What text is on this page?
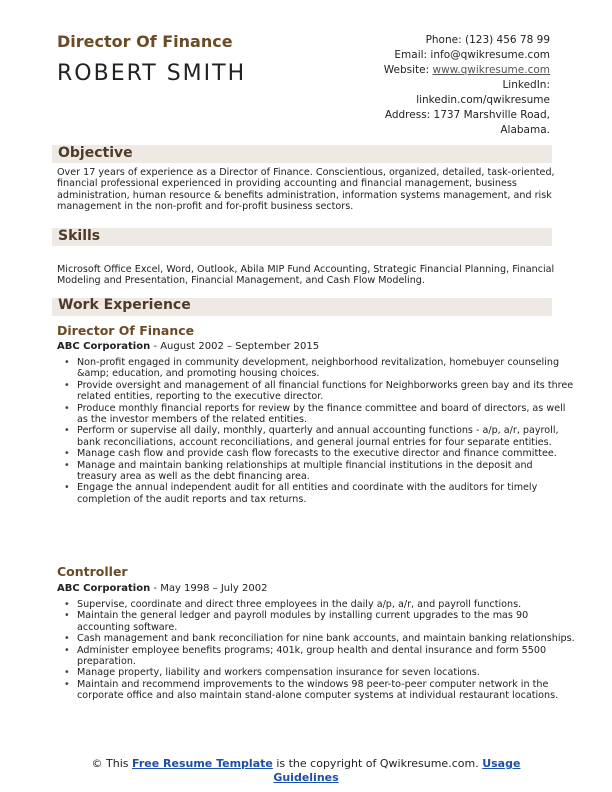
Director Of Finance
ROBERT SMITH
Phone: (123) 456 78 99
Email: info@qwikresume.com
Website: www.qwikresume.com
LinkedIn:
linkedin.com/qwikresume
Address: 1737 Marshville Road,
Alabama.
Objective
Over 17 years of experience as a Director of Finance. Conscientious, organized, detailed, task-oriented, financial professional experienced in providing accounting and financial management, business administration, human resource & benefits administration, information systems management, and risk management in the non-profit and for-profit business sectors.
Skills
Microsoft Office Excel, Word, Outlook, Abila MIP Fund Accounting, Strategic Financial Planning, Financial Modeling and Presentation, Financial Management, and Cash Flow Modeling.
Work Experience
Director Of Finance
ABC Corporation - August 2002 – September 2015
• Non-profit engaged in community development, neighborhood revitalization, homebuyer counseling &amp; education, and promoting housing choices.
• Provide oversight and management of all financial functions for Neighborworks green bay and its three related entities, reporting to the executive director.
• Produce monthly financial reports for review by the finance committee and board of directors, as well as the investor members of the related entities.
• Perform or supervise all daily, monthly, quarterly and annual accounting functions - a/p, a/r, payroll, bank reconciliations, account reconciliations, and general journal entries for four separate entities.
• Manage cash flow and provide cash flow forecasts to the executive director and finance committee.
• Manage and maintain banking relationships at multiple financial institutions in the deposit and treasury area as well as the debt financing area.
• Engage the annual independent audit for all entities and coordinate with the auditors for timely completion of the audit reports and tax returns.
Controller
ABC Corporation - May 1998 – July 2002
• Supervise, coordinate and direct three employees in the daily a/p, a/r, and payroll functions.
• Maintain the general ledger and payroll modules by installing current upgrades to the mas 90 accounting software.
• Cash management and bank reconciliation for nine bank accounts, and maintain banking relationships.
• Administer employee benefits programs; 401k, group health and dental insurance and form 5500 preparation.
• Manage property, liability and workers compensation insurance for seven locations.
• Maintain and recommend improvements to the windows 98 peer-to-peer computer network in the corporate office and also maintain stand-alone computer systems at individual restaurant locations.
© This Free Resume Template is the copyright of Qwikresume.com. Usage Guidelines
